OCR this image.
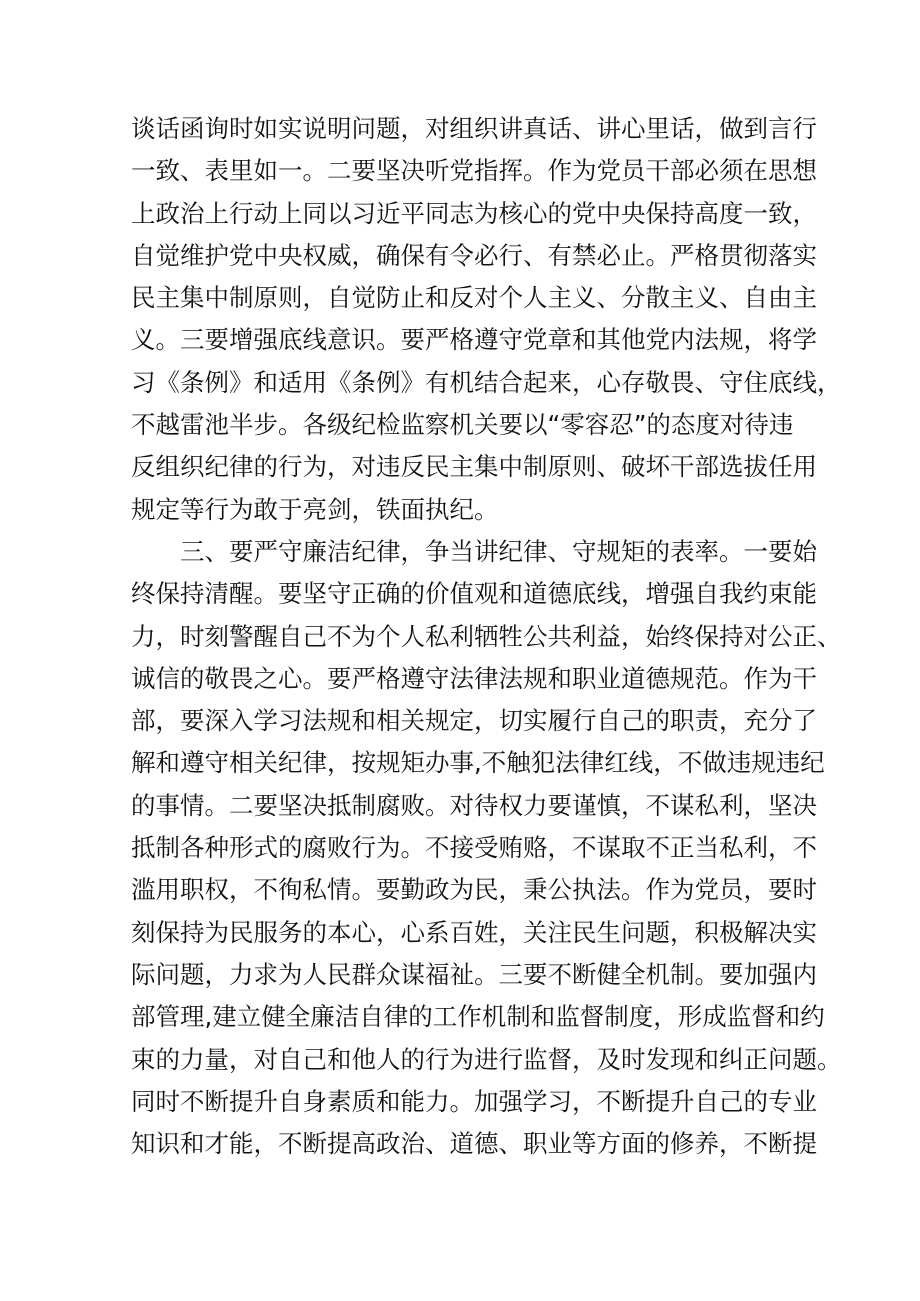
谈话函询时如实说明问题，对组织讲真话、讲心里话，做到言行
一致、表里如一。二要坚决听党指挥。作为党员干部必须在思想
上政治上行动上同以习近平同志为核心的党中央保持高度一致，
自觉维护党中央权威，确保有令必行、有禁必止。严格贯彻落实
民主集中制原则，自觉防止和反对个人主义、分散主义、自由主
义。三要增强底线意识。要严格遵守党章和其他党内法规，将学
习《条例》和适用《条例》有机结合起来，心存敬畏、守住底线，
不越雷池半步。各级纪检监察机关要以“零容忍”的态度对待违
反组织纪律的行为，对违反民主集中制原则、破坏干部选拔任用
规定等行为敢于亮剑，铁面执纪。
三、要严守廉洁纪律，争当讲纪律、守规矩的表率。一要始
终保持清醒。要坚守正确的价值观和道德底线，增强自我约束能
力，时刻警醒自己不为个人私利牺牲公共利益，始终保持对公正、
诚信的敬畏之心。要严格遵守法律法规和职业道德规范。作为干
部，要深入学习法规和相关规定，切实履行自己的职责，充分了
解和遵守相关纪律，按规矩办事,不触犯法律红线，不做违规违纪
的事情。二要坚决抵制腐败。对待权力要谨慎，不谋私利，坚决
抵制各种形式的腐败行为。不接受贿赂，不谋取不正当私利，不
滥用职权，不徇私情。要勤政为民，秉公执法。作为党员，要时
刻保持为民服务的本心，心系百姓，关注民生问题，积极解决实
际问题，力求为人民群众谋福祉。三要不断健全机制。要加强内
部管理,建立健全廉洁自律的工作机制和监督制度，形成监督和约
束的力量，对自己和他人的行为进行监督，及时发现和纠正问题。
同时不断提升自身素质和能力。加强学习，不断提升自己的专业
知识和才能，不断提高政治、道德、职业等方面的修养，不断提
